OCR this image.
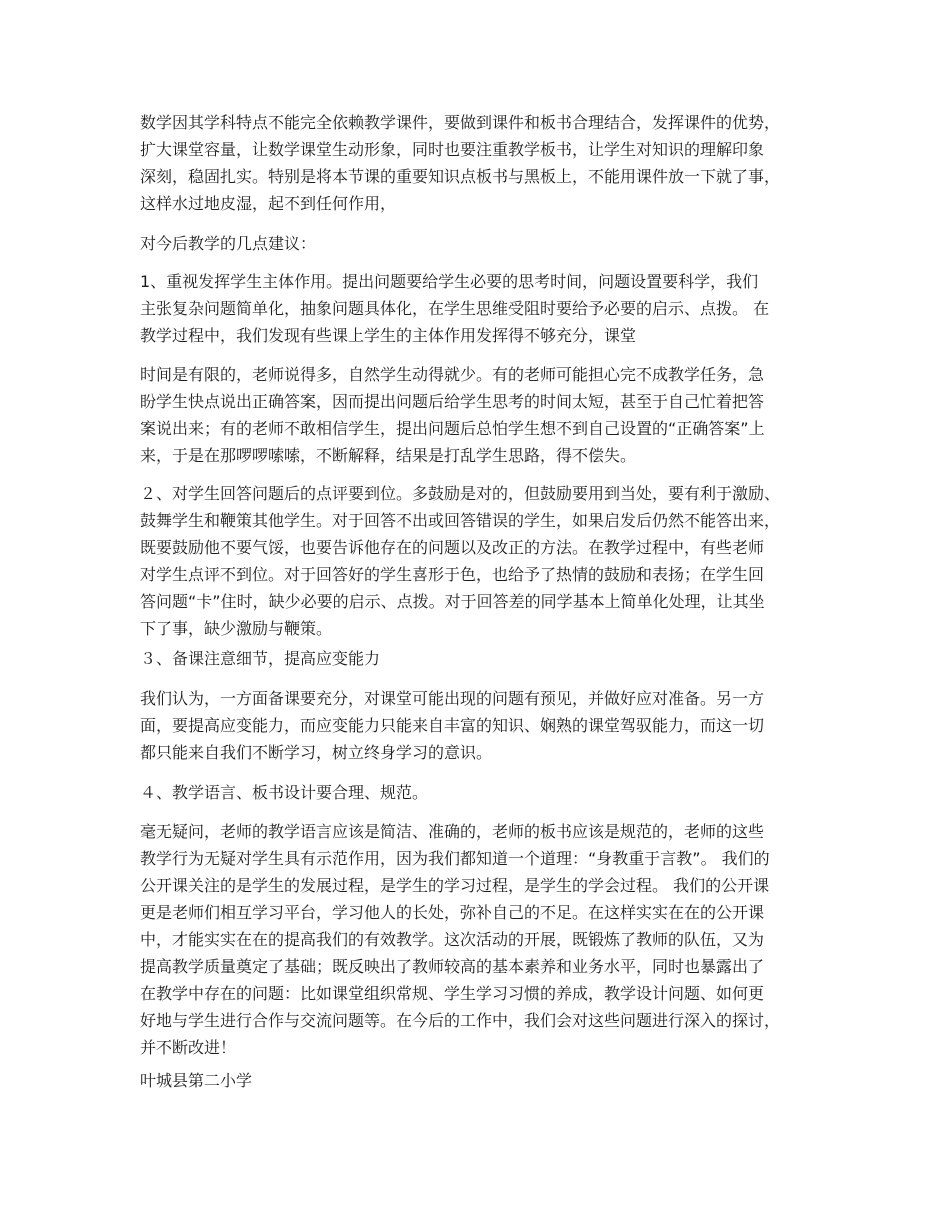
数学因其学科特点不能完全依赖教学课件，要做到课件和板书合理结合，发挥课件的优势，
扩大课堂容量，让数学课堂生动形象，同时也要注重教学板书，让学生对知识的理解印象
深刻，稳固扎实。特别是将本节课的重要知识点板书与黑板上，不能用课件放一下就了事，
这样水过地皮湿，起不到任何作用，
对今后教学的几点建议：
1、重视发挥学生主体作用。提出问题要给学生必要的思考时间，问题设置要科学，我们
主张复杂问题简单化，抽象问题具体化，在学生思维受阻时要给予必要的启示、点拨。 在
教学过程中，我们发现有些课上学生的主体作用发挥得不够充分，课堂
时间是有限的，老师说得多，自然学生动得就少。有的老师可能担心完不成教学任务，急
盼学生快点说出正确答案，因而提出问题后给学生思考的时间太短，甚至于自己忙着把答
案说出来；有的老师不敢相信学生，提出问题后总怕学生想不到自己设置的“正确答案”上
来，于是在那啰啰嗦嗦，不断解释，结果是打乱学生思路，得不偿失。
２、对学生回答问题后的点评要到位。多鼓励是对的，但鼓励要用到当处，要有利于激励、
鼓舞学生和鞭策其他学生。对于回答不出或回答错误的学生，如果启发后仍然不能答出来，
既要鼓励他不要气馁，也要告诉他存在的问题以及改正的方法。在教学过程中，有些老师
对学生点评不到位。对于回答好的学生喜形于色，也给予了热情的鼓励和表扬；在学生回
答问题“卡”住时，缺少必要的启示、点拨。对于回答差的同学基本上简单化处理，让其坐
下了事，缺少激励与鞭策。
３、备课注意细节，提高应变能力
我们认为，一方面备课要充分，对课堂可能出现的问题有预见，并做好应对准备。另一方
面，要提高应变能力，而应变能力只能来自丰富的知识、娴熟的课堂驾驭能力，而这一切
都只能来自我们不断学习，树立终身学习的意识。
４、教学语言、板书设计要合理、规范。
毫无疑问，老师的教学语言应该是简洁、准确的，老师的板书应该是规范的，老师的这些
教学行为无疑对学生具有示范作用，因为我们都知道一个道理：“身教重于言教”。 我们的
公开课关注的是学生的发展过程，是学生的学习过程，是学生的学会过程。 我们的公开课
更是老师们相互学习平台，学习他人的长处，弥补自己的不足。在这样实实在在的公开课
中，才能实实在在的提高我们的有效教学。这次活动的开展，既锻炼了教师的队伍，又为
提高教学质量奠定了基础；既反映出了教师较高的基本素养和业务水平，同时也暴露出了
在教学中存在的问题：比如课堂组织常规、学生学习习惯的养成，教学设计问题、如何更
好地与学生进行合作与交流问题等。在今后的工作中，我们会对这些问题进行深入的探讨，
并不断改进！
叶城县第二小学
